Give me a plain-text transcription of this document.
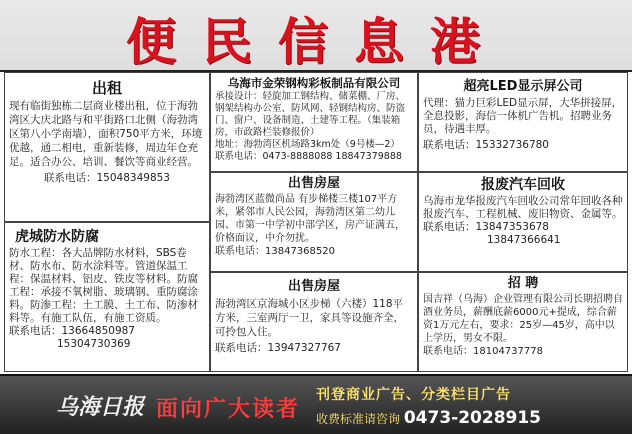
便民信息港
出租
现有临街独栋二层商业楼出租，位于海勃湾区大庆北路与和平街路口北侧（海勃湾区第八小学南墙），面积750平方米，环境优越，通二相电，重新装修，周边年仓充足。适合办公、培训、餐饮等商业经营。
联系电话：15048349853
虎城防水防腐
防水工程：各大品牌防水材料，SBS卷材、防水布、防水涂料等。管道保温工程：保温材料、铝皮、铁皮等材料。防腐工程：承接不氧树脂、玻璃钢、重防腐涂料。防渗工程：土工膜、土工布、防渗材料等。有施工队伍，有施工资质。
联系电话：13664850987
15304730369
乌海市金荣钢构彩板制品有限公司
承接设计：轻旋加工钢结构、储菜棚、厂房、钢架结构办公室、防风网、轻钢结构房、防盗门、窗户、设备制造、土建等工程。（集装箱房，市政路栏装修报价）
地址：海勃湾区机场路3km处（9号楼—2）
联系电话：0473-8888088 18847379888
出售房屋
海勃湾区蓝微尚品 有步梯楼三楼107平方米，紧邻市人民公园，海勃湾区第二幼儿园、市第一中学初中部学区，房产证满五，价格面议，中介勿扰。
联系电话：13847368520
出售房屋
海勃湾区京海城小区步梯（六楼）118平方米，三室两厅一卫，家具等设施齐全，可拎包入住。
联系电话：13947327767
超亮LED显示屏公司
代理：猫力巨彩LED显示屏，大华拼接屏，全息投影，海信一体机广告机。招聘业务员，待遇丰厚。
联系电话：15332736780
报废汽车回收
乌海市龙华报废汽车回收公司常年回收各种报废汽车、工程机械、废旧物资、金属等。
联系电话：13847353678
13847366641
招 聘
国吉祥（乌海）企业管理有限公司长期招聘自酒业务员，薪酬底薪6000元+提成，综合薪资1万元左右，要求：25岁—45岁，高中以上学历，男女不限。
联系电话：18104737778
乌海日报 面向广大读者
刊登商业广告、分类栏目广告
收费标准请咨询 0473-2028915
